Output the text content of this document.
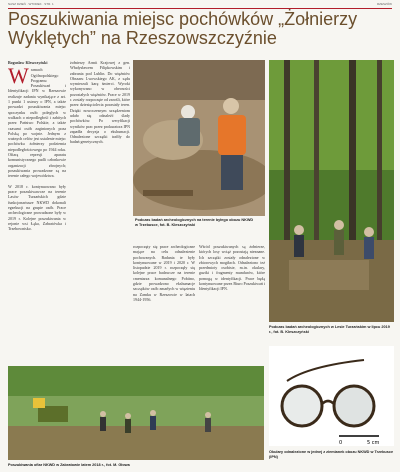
NASZ DZIEŃ · WTOREK · STR. 1	RZESZÓW
Poszukiwania miejsc pochówków „Żołnierzy Wyklętych” na Rzeszowszczyźnie
Bogusław Kleszczyński
W ramach Ogólnopolskiego Programu Poszukiwań i Identyfikacji IPN w Rzeszowie realizuje zadania wynikające z art. 1 punkt 1 ustawy o IPN, a także prowadzi poszukiwania miejsc spoczynku osób poległych w walkach o niepodległość i zabitych przez Państwo Polskie, a także czasami osób zaginionych poza Polską po wojnie. Jednym z ważnych celów jest ustalenie miejsc pochówku żołnierzy podziemia niepodległościowego po 1944 roku. Ofiarą represji aparatu komunistycznego padli członkowie organizacji zbrojnych; poszukiwania prowadzone są na terenie całego województwa.

W 2018 r. kontynuowano były prace poszukiwawcze na terenie Lasów Turzańskich gdzie funkcjonariusze NKWD dokonali egzekucji na grupie osób. Prace archeologiczne prowadzone były w 2019 r. Kolejne poszukiwania w rejonie wsi Łąka, Zabratówka i Trzebownisko.
żołnierzy Armii Krajowej z gen. Władysławem Filipkowskim i zabrania pod Lublin. Do więźniów Obszaru Lwowskiego AK, z sądu wymierzali karę śmierci. Wyroki wykonywano w obecności pozostałych więźniów. Prace w 2019 r. zostały rozpoczęte od zarośli, które przez dziesięciolecia porastały teren. Dzięki nowoczesnym urządzeniom udało się odnaleźć ślady pochówków. Po weryfikacji wyników prac przez prokuratora IPN zapadła decyzja o ekshumacji. Odnalezione szczątki trafiły do badań genetycznych.
Podczas badań archeologicznych na terenie byłego obozu NKWD w Trzebusce, fot. B. Kleszczyński
rozpoczęty się prace archeologiczne mające na celu odnalezienie pochowanych. Badania te były kontynuowane w 2019 i 2020 r. W listopadzie 2019 r. rozpoczęły się kolejne prace badawcze na terenie cmentarza komunalnego Pobitno, gdzie prowadzono ekshumacje szczątków osób zmarłych w więzieniu na Zamku w Rzeszowie w latach 1944-1956.
Wśród poszukiwanych są żołnierze, których losy wciąż pozostają nieznane. Ich szczątki zostały odnalezione w zbiorowych mogiłach. Odnaleziono też przedmioty osobiste, m.in. okulary, guziki i fragmenty mundurów, które pomogą w identyfikacji. Prace będą kontynuowane przez Biuro Poszukiwań i Identyfikacji IPN.
Podczas badań archeologicznych w Lesie Turzańskim w lipcu 2019 r., fot. B. Kleszczyński
Poszukiwania ofiar NKWD w Zabratowie latem 2018 r., fot. M. Głowa
0	5 cm
Okulary odnalezione w jednej z ziemianek obozu NKWD w Trzebusce (IPN)
